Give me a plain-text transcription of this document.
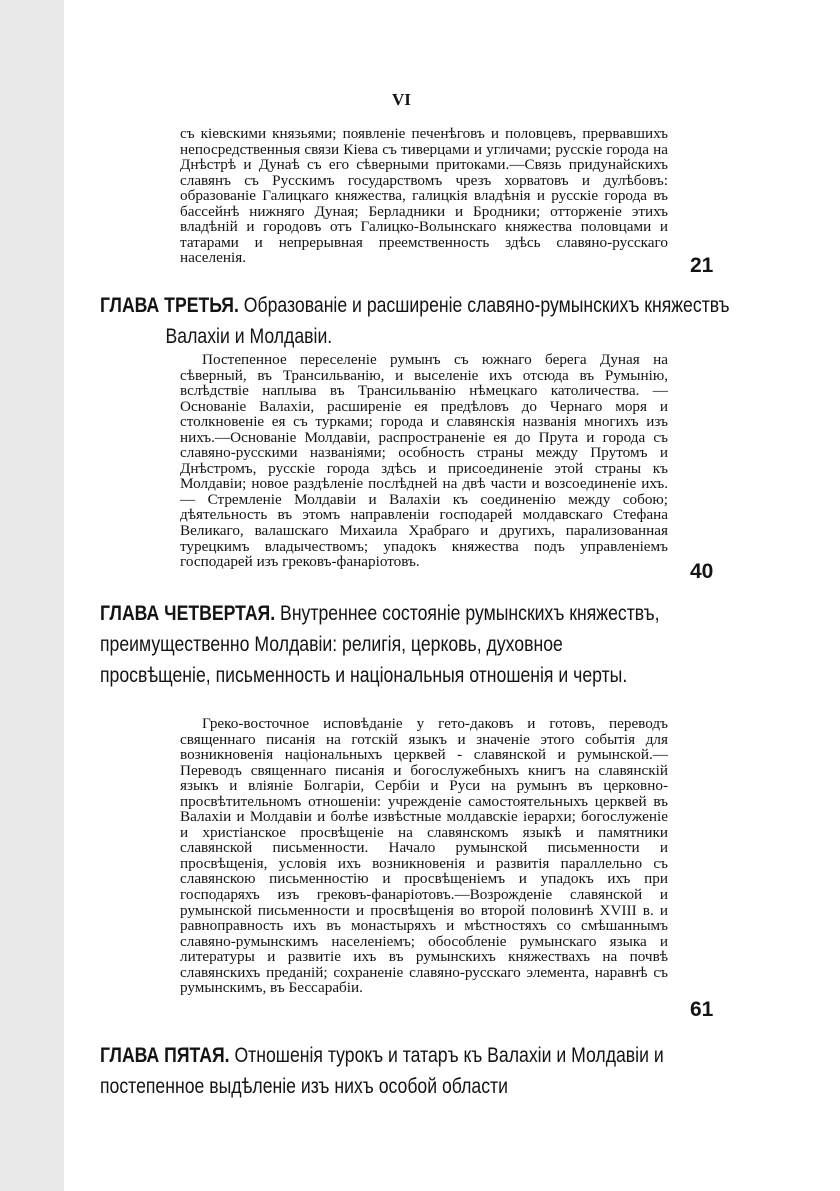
VI

съ кіевскими князьями; появленіе печенѣговъ и половцевъ, прервавшихъ непосредственныя связи Кіева съ тиверцами и угличами; русскіе города на Днѣстрѣ и Дунаѣ съ его сѣверными притоками.—Связь придунайскихъ славянъ съ Русскимъ государствомъ чрезъ хорватовъ и дулѣбовъ: образованіе Галицкаго княжества, галицкія владѣнія и русскіе города въ бассейнѣ нижняго Дуная; Берладники и Бродники; отторженіе этихъ владѣній и городовъ отъ Галицко-Волынскаго княжества половцами и татарами и непрерывная преемственность здѣсь славяно-русскаго населенія.	21
ГЛАВА ТРЕТЬЯ. Образованіе и расширеніе славяно-румынскихъ княжествъ Валахіи и Молдавіи.

Постепенное переселеніе румынъ съ южнаго берега Дуная на сѣверный, въ Трансильванію, и выселеніе ихъ отсюда въ Румынію, вслѣдствіе наплыва въ Трансильванію нѣмецкаго католичества. — Основаніе Валахіи, расширеніе ея предѣловъ до Чернаго моря и столкновеніе ея съ турками; города и славянскія названія многихъ изъ нихъ.—Основаніе Молдавіи, распространеніе ея до Прута и города съ славяно-русскими названіями; особность страны между Прутомъ и Днѣстромъ, русскіе города здѣсь и присоединеніе этой страны къ Молдавіи; новое раздѣленіе послѣдней на двѣ части и возсоединеніе ихъ.— Стремленіе Молдавіи и Валахіи къ соединенію между собою; дѣятельность въ этомъ направленіи господарей молдавскаго Стефана Великаго, валашскаго Михаила Храбраго и другихъ, парализованная турецкимъ владычествомъ; упадокъ княжества подъ управленіемъ господарей изъ грековъ-фанаріотовъ.	40
ГЛАВА ЧЕТВЕРТАЯ. Внутреннее состояніе румынскихъ княжествъ, преимущественно Молдавіи: религія, церковь, духовное просвѣщеніе, письменность и національныя отношенія и черты.

Греко-восточное исповѣданіе у гето-даковъ и готовъ, переводъ священнаго писанія на готскій языкъ и значеніе этого событія для возникновенія національныхъ церквей - славянской и румынской.—Переводъ священнаго писанія и богослужебныхъ книгъ на славянскій языкъ и вліяніе Болгаріи, Сербіи и Руси на румынъ въ церковно-просвѣтительномъ отношеніи: учрежденіе самостоятельныхъ церквей въ Валахіи и Молдавіи и болѣе извѣстные молдавскіе іерархи; богослуженіе и христіанское просвѣщеніе на славянскомъ языкѣ и памятники славянской письменности. Начало румынской письменности и просвѣщенія, условія ихъ возникновенія и развитія параллельно съ славянскою письменностію и просвѣщеніемъ и упадокъ ихъ при господаряхъ изъ грековъ-фанаріотовъ.—Возрожденіе славянской и румынской письменности и просвѣщенія во второй половинѣ XVIII в. и равноправность ихъ въ монастыряхъ и мѣстностяхъ со смѣшаннымъ славяно-румынскимъ населеніемъ; обособленіе румынскаго языка и литературы и развитіе ихъ въ румынскихъ княжествахъ на почвѣ славянскихъ преданій; сохраненіе славяно-русскаго элемента, наравнѣ съ румынскимъ, въ Бессарабіи.

61
ГЛАВА ПЯТАЯ. Отношенія турокъ и татаръ къ Валахіи и Молдавіи и постепенное выдѣленіе изъ нихъ особой области
